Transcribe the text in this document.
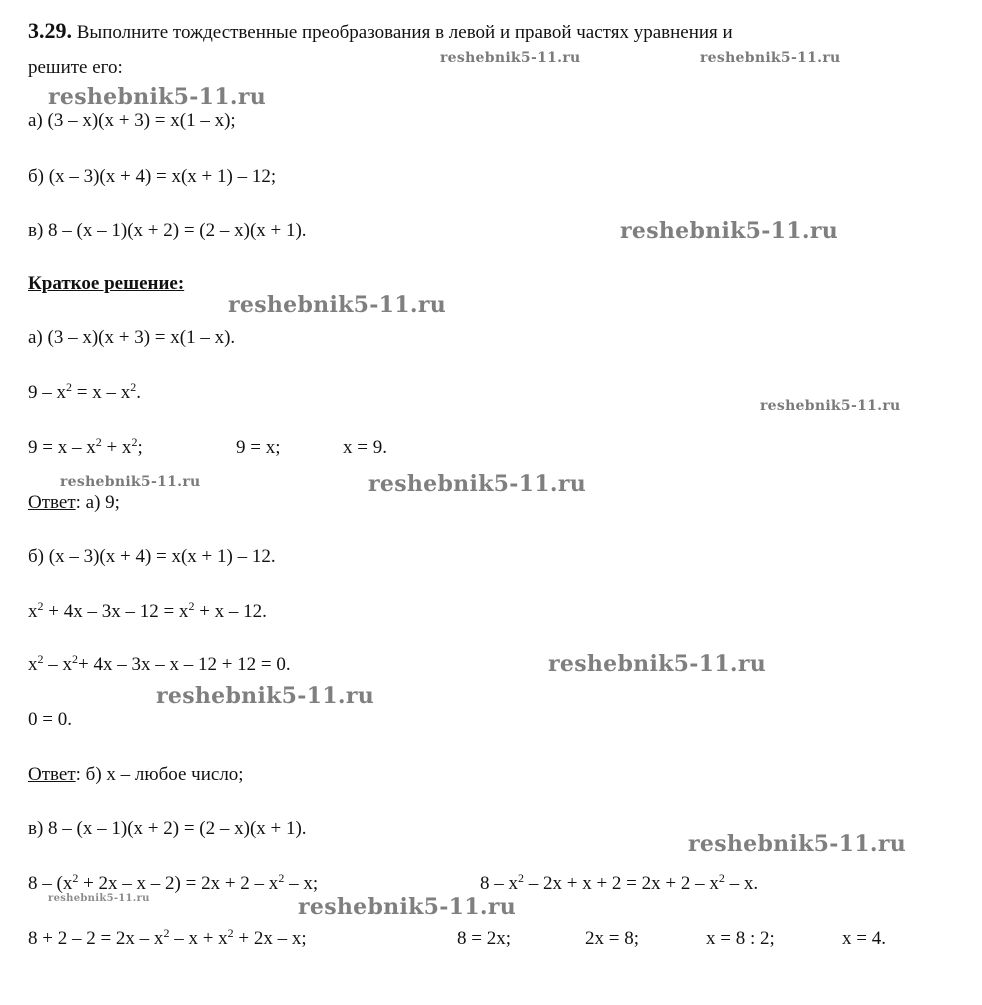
3.29. Выполните тождественные преобразования в левой и правой частях уравнения и
решите его:
а) (3 – x)(x + 3) = x(1 – x);
б) (x – 3)(x + 4) = x(x + 1) – 12;
в) 8 – (x – 1)(x + 2) = (2 – x)(x + 1).
Краткое решение:
а) (3 – x)(x + 3) = x(1 – x).
$9 - x^2 = x - x^2$.
$9 = x - x^2 + x^2$;	9 = x;	x = 9.
Ответ: а) 9;
б) (x – 3)(x + 4) = x(x + 1) – 12.
$x^2 + 4x - 3x - 12 = x^2 + x - 12$.
$x^2 - x^2+ 4x - 3x - x - 12 + 12 = 0$.
0 = 0.
Ответ: б) x – любое число;
в) 8 – (x – 1)(x + 2) = (2 – x)(x + 1).
$8 - (x^2 + 2x - x - 2) = 2x + 2 - x^2 - x$;	$8 - x^2 - 2x + x + 2 = 2x + 2 - x^2 - x$.
$8 + 2 - 2 = 2x - x^2 - x + x^2 + 2x - x$;	8 = 2x;	2x = 8;	x = 8 : 2;	x = 4.
reshebnik5-11.ru	reshebnik5-11.ru
reshebnik5-11.ru
reshebnik5-11.ru
reshebnik5-11.ru
reshebnik5-11.ru
reshebnik5-11.ru	reshebnik5-11.ru
reshebnik5-11.ru
reshebnik5-11.ru
reshebnik5-11.ru
reshebnik5-11.ru	reshebnik5-11.ru
